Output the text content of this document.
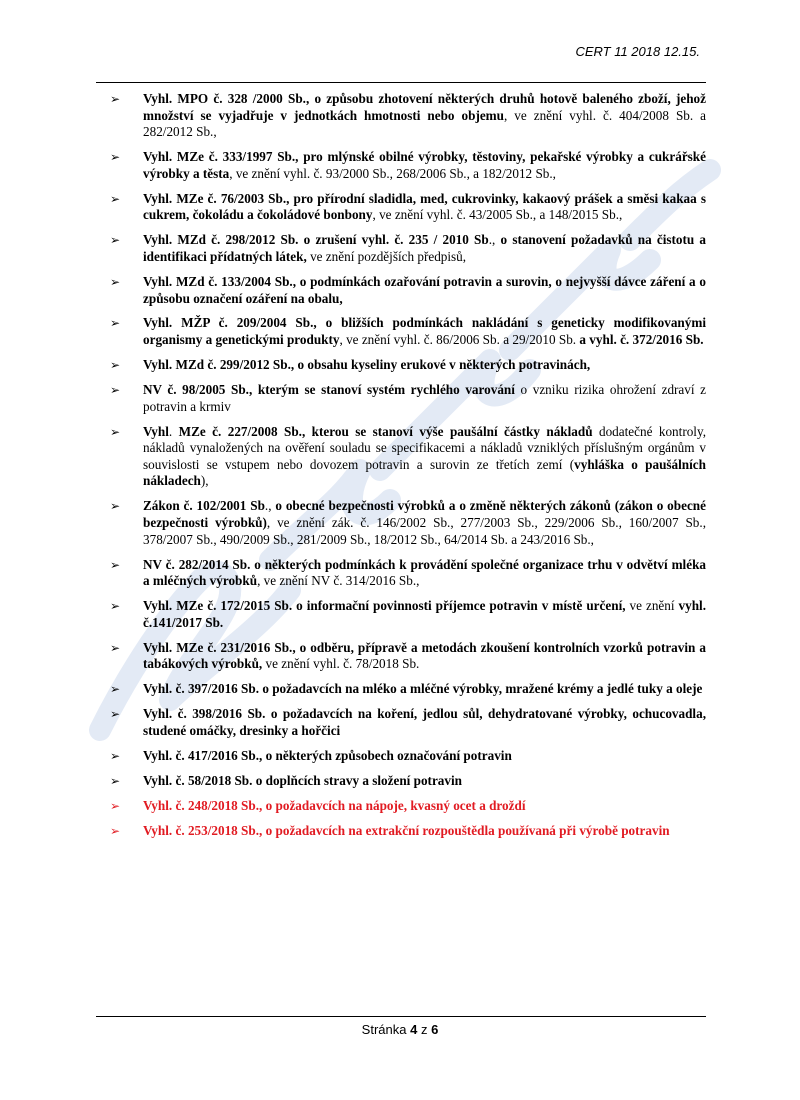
CERT 11 2018 12.15.
➢ Vyhl. MPO č. 328 /2000 Sb., o způsobu zhotovení některých druhů hotově baleného zboží, jehož množství se vyjadřuje v jednotkách hmotnosti nebo objemu, ve znění vyhl. č. 404/2008 Sb. a 282/2012 Sb.,
➢ Vyhl. MZe č. 333/1997 Sb., pro mlýnské obilné výrobky, těstoviny, pekařské výrobky a cukrářské výrobky a těsta, ve znění vyhl. č. 93/2000 Sb., 268/2006 Sb., a 182/2012 Sb.,
➢ Vyhl. MZe č. 76/2003 Sb., pro přírodní sladidla, med, cukrovinky, kakaový prášek a směsi kakaa s cukrem, čokoládu a čokoládové bonbony, ve znění vyhl. č. 43/2005 Sb., a 148/2015 Sb.,
➢ Vyhl. MZd č. 298/2012 Sb. o zrušení vyhl. č. 235 / 2010 Sb., o stanovení požadavků na čistotu a identifikaci přídatných látek, ve znění pozdějších předpisů,
➢ Vyhl. MZd č. 133/2004 Sb., o podmínkách ozařování potravin a surovin, o nejvyšší dávce záření a o způsobu označení ozáření na obalu,
➢ Vyhl. MŽP č. 209/2004 Sb., o bližších podmínkách nakládání s geneticky modifikovanými organismy a genetickými produkty, ve znění vyhl. č. 86/2006 Sb. a 29/2010 Sb. a vyhl. č. 372/2016 Sb.
➢ Vyhl. MZd č. 299/2012 Sb., o obsahu kyseliny erukové v některých potravinách,
➢ NV č. 98/2005 Sb., kterým se stanoví systém rychlého varování o vzniku rizika ohrožení zdraví z potravin a krmiv
➢ Vyhl. MZe č. 227/2008 Sb., kterou se stanoví výše paušální částky nákladů dodatečné kontroly, nákladů vynaložených na ověření souladu se specifikacemi a nákladů vzniklých příslušným orgánům v souvislosti se vstupem nebo dovozem potravin a surovin ze třetích zemí (vyhláška o paušálních nákladech),
➢ Zákon č. 102/2001 Sb., o obecné bezpečnosti výrobků a o změně některých zákonů (zákon o obecné bezpečnosti výrobků), ve znění zák. č. 146/2002 Sb., 277/2003 Sb., 229/2006 Sb., 160/2007 Sb., 378/2007 Sb., 490/2009 Sb., 281/2009 Sb., 18/2012 Sb., 64/2014 Sb. a 243/2016 Sb.,
➢ NV č. 282/2014 Sb. o některých podmínkách k provádění společné organizace trhu v odvětví mléka a mléčných výrobků, ve znění NV č. 314/2016 Sb.,
➢ Vyhl. MZe č. 172/2015 Sb. o informační povinnosti příjemce potravin v místě určení, ve znění vyhl. č.141/2017 Sb.
➢ Vyhl. MZe č. 231/2016 Sb., o odběru, přípravě a metodách zkoušení kontrolních vzorků potravin a tabákových výrobků, ve znění vyhl. č. 78/2018 Sb.
➢ Vyhl. č. 397/2016 Sb. o požadavcích na mléko a mléčné výrobky, mražené krémy a jedlé tuky a oleje
➢ Vyhl. č. 398/2016 Sb. o požadavcích na koření, jedlou sůl, dehydratované výrobky, ochucovadla, studené omáčky, dresinky a hořčici
➢ Vyhl. č. 417/2016 Sb., o některých způsobech označování potravin
➢ Vyhl. č. 58/2018 Sb. o doplňcích stravy a složení potravin
➢ Vyhl. č. 248/2018 Sb., o požadavcích na nápoje, kvasný ocet a droždí
➢ Vyhl. č. 253/2018 Sb., o požadavcích na extrakční rozpouštědla používaná při výrobě potravin
Stránka 4 z 6
